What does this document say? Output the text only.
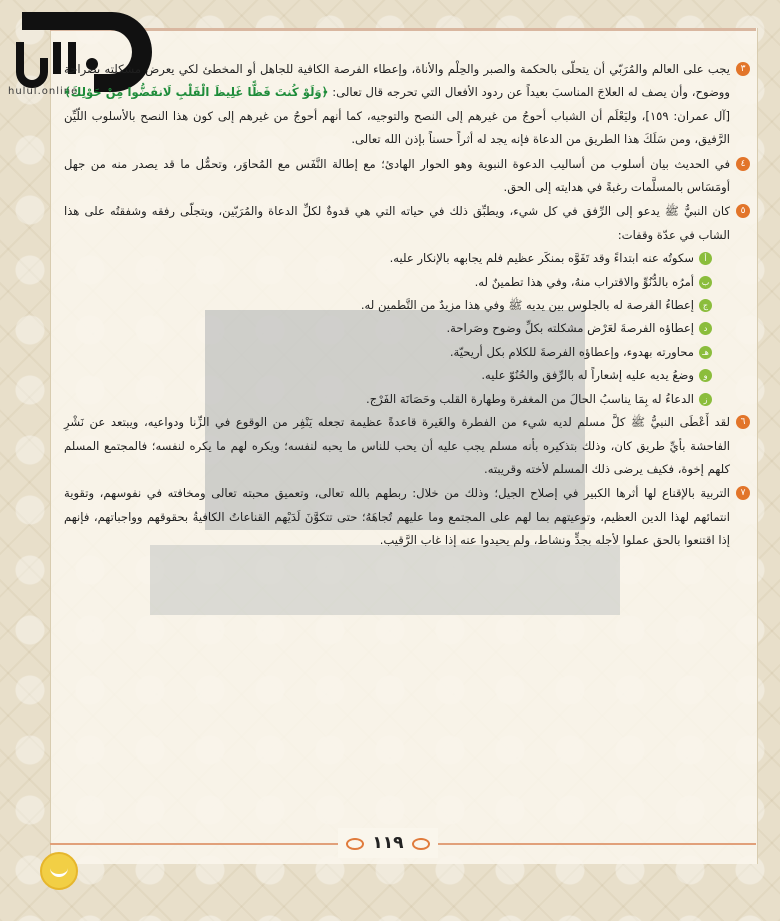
hulul.online

٣
يجب على العالم والمُرَبّي أن يتحلّى بالحكمة والصبر والحِلْم والأناة، وإعطاء الفرصة الكافية للجاهل أو المخطئ لكي يعرض مشكلته بصراحة ووضوح، وأن يصف له العلاجَ المناسبَ بعيداً عن ردود الأفعال التي تحرجه قال تعالى: ﴿وَلَوْ كُنتَ فَظًّا غَلِيظَ الْقَلْبِ لَانفَضُّوا مِنْ حَوْلِكَ﴾[آل عمران: ١٥٩]، وليَعْلَم أن الشباب أحوجُ من غيرهم إلى النصح والتوجيه، كما أنهم أحوجُ من غيرهم إلى كون هذا النصح بالأسلوب اللّيِّن الرَّفيق، ومن سَلَكَ هذا الطريق من الدعاة فإنه يجد له أثراً حسناً بإذن الله تعالى.

٤
في الحديث بيان أسلوب من أساليب الدعوة النبوية وهو الحوار الهادئ؛ مع إطالة النَّفَس مع المُحاوَر، وتحمُّل ما قد يصدر منه من جهل أومَسَاس بالمسلَّمات رغبةً في هدايته إلى الحق.

٥
كان النبيُّ ﷺ يدعو إلى الرِّفق في كل شيء، ويطبِّق ذلك في حياته التي هي قدوةٌ لكلِّ الدعاة والمُرَبّين، ويتجلّى رفقه وشفقتُه على هذا الشاب في عدّة وقفات:
أ
سكوتُه عنه ابتداءً وقد تَفَوَّه بمنكَر عظيم فلم يجابهه بالإنكار عليه.
ب
أمرُه بالدُّنُوِّ والاقتراب منهُ، وفي هذا تطمينٌ له.
ج
إعطاءُ الفرصة له بالجلوس بين يديه ﷺ وفي هذا مزيدٌ من التَّطمين له.
د
إعطاؤه الفرصةَ لعَرْض مشكلته بكلِّ وضوح وصَراحة.
هـ
محاورته بهدوء، وإعطاؤه الفرصةَ للكلام بكل أريحيّة.
و
وضعُ يديه عليه إشعاراً له بالرِّفق والحُنُوّ عليه.
ز
الدعاءُ له بِمَا يناسبُ الحالَ من المغفرة وطهارة القلب وحَصَانَة الفَرْج.

٦
لقد أَعْطَى النبيُّ ﷺ كلَّ مسلم لديه شيء من الفطرة والغَيرة قاعدةً عظيمة تجعله يَنْفِر من الوقوع في الزِّنا ودواعيه، ويبتعد عن نَشْرِ الفاحشة بأيِّ طريق كان، وذلك بتذكيره بأنه مسلم يجب عليه أن يحب للناس ما يحبه لنفسه؛ ويكره لهم ما يكره لنفسه؛ فالمجتمع المسلم كلهم إخوة، فكيف يرضى ذلك المسلم لأخته وقريبته.

٧
التربية بالإقناع لها أثرها الكبير في إصلاح الجيل؛ وذلك من خلال: ربطهم بالله تعالى، وتعميق محبته تعالى ومخافته في نفوسهم، وتقوية انتمائهم لهذا الدين العظيم، وتوعيتهم بما لهم على المجتمع وما عليهم تُجاهَهُ؛ حتى تتكوَّنَ لَدَيْهم القناعاتُ الكافيةُ بحقوقهم وواجباتهم، فإنهم إذا اقتنعوا بالحق عملوا لأجله بجدٍّ ونشاط، ولم يحيدوا عنه إذا غاب الرَّقيب.

١١٩
